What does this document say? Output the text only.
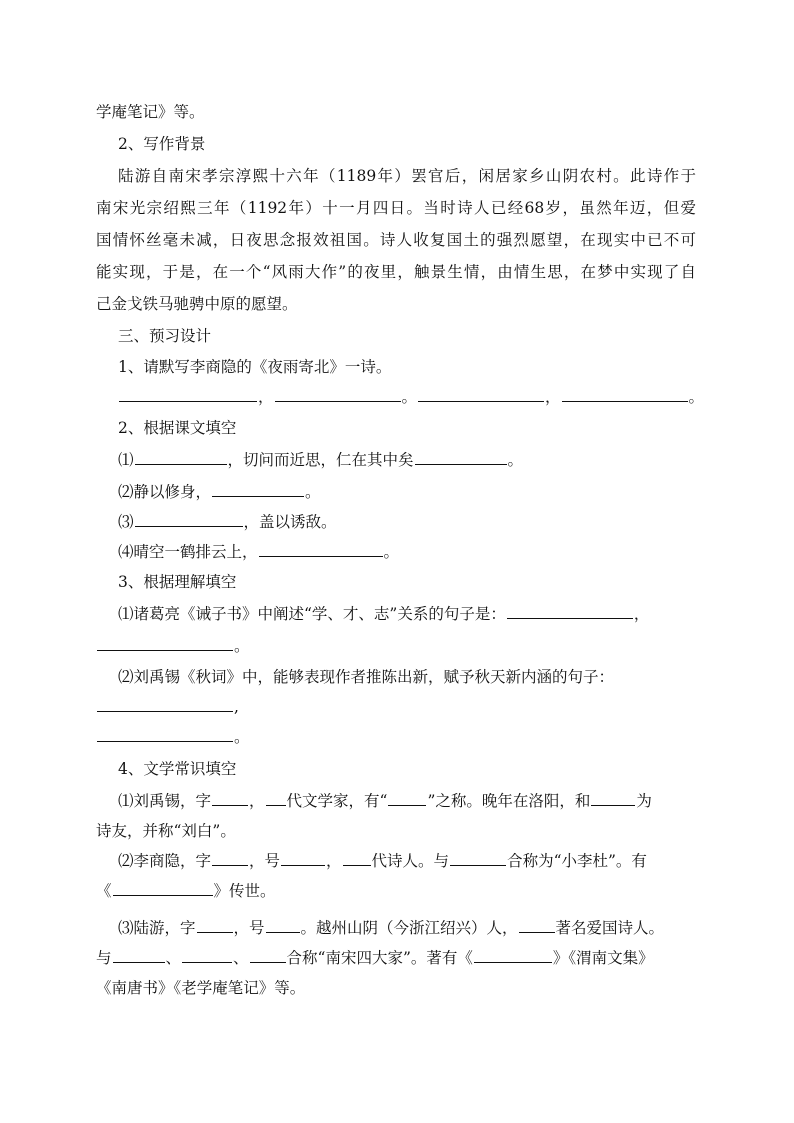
学庵笔记》等。
2、写作背景
陆游自南宋孝宗淳熙十六年（1189年）罢官后，闲居家乡山阴农村。此诗作于
南宋光宗绍熙三年（1192年）十一月四日。当时诗人已经68岁，虽然年迈，但爱
国情怀丝毫未减，日夜思念报效祖国。诗人收复国土的强烈愿望，在现实中已不可
能实现，于是，在一个“风雨大作”的夜里，触景生情，由情生思，在梦中实现了自
己金戈铁马驰骋中原的愿望。
三、预习设计
1、请默写李商隐的《夜雨寄北》一诗。
，	。	，	。
2、根据课文填空
⑴	，切问而近思，仁在其中矣	。
⑵静以修身，	。
⑶	，盖以诱敌。
⑷晴空一鹤排云上，	。
3、根据理解填空
⑴诸葛亮《诫子书》中阐述“学、才、志”关系的句子是：	，
。
⑵刘禹锡《秋词》中，能够表现作者推陈出新，赋予秋天新内涵的句子：
,
。
4、文学常识填空
⑴刘禹锡，字 ， 代文学家，有“	”之称。晚年在洛阳，和	为
诗友，并称“刘白”。
⑵李商隐，字 ，号	， 代诗人。与	合称为“小李杜”。有
《	》传世。
⑶陆游，字 ，号 。越州山阴（今浙江绍兴）人， 著名爱国诗人。
与	、	、 合称“南宋四大家”。著有《	》《渭南文集》
《南唐书》《老学庵笔记》等。
